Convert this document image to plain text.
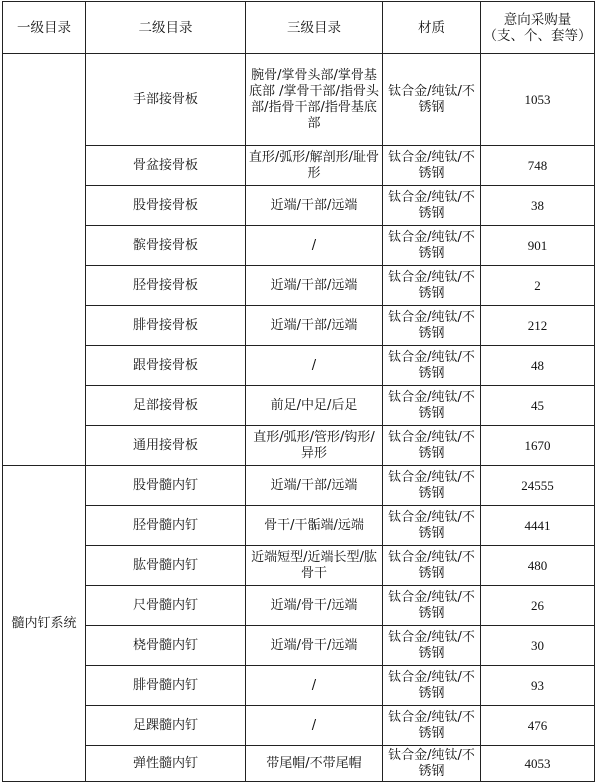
一级目录	二级目录	三级目录	材质	意向采购量
（支、个、套等）
	手部接骨板	腕骨/掌骨头部/掌骨基底部 /掌骨干部/指骨头部/指骨干部/指骨基底部	钛合金/纯钛/不锈钢	1053
	骨盆接骨板	直形/弧形/解剖形/耻骨形	钛合金/纯钛/不锈钢	748
	股骨接骨板	近端/干部/远端	钛合金/纯钛/不锈钢	38
	髌骨接骨板	/	钛合金/纯钛/不锈钢	901
	胫骨接骨板	近端/干部/远端	钛合金/纯钛/不锈钢	2
	腓骨接骨板	近端/干部/远端	钛合金/纯钛/不锈钢	212
	跟骨接骨板	/	钛合金/纯钛/不锈钢	48
	足部接骨板	前足/中足/后足	钛合金/纯钛/不锈钢	45
	通用接骨板	直形/弧形/管形/钩形/异形	钛合金/纯钛/不锈钢	1670
髓内钉系统	股骨髓内钉	近端/干部/远端	钛合金/纯钛/不锈钢	24555
	胫骨髓内钉	骨干/干骺端/远端	钛合金/纯钛/不锈钢	4441
	肱骨髓内钉	近端短型/近端长型/肱骨干	钛合金/纯钛/不锈钢	480
	尺骨髓内钉	近端/骨干/远端	钛合金/纯钛/不锈钢	26
	桡骨髓内钉	近端/骨干/远端	钛合金/纯钛/不锈钢	30
	腓骨髓内钉	/	钛合金/纯钛/不锈钢	93
	足踝髓内钉	/	钛合金/纯钛/不锈钢	476
	弹性髓内钉	带尾帽/不带尾帽	钛合金/纯钛/不锈钢	4053
